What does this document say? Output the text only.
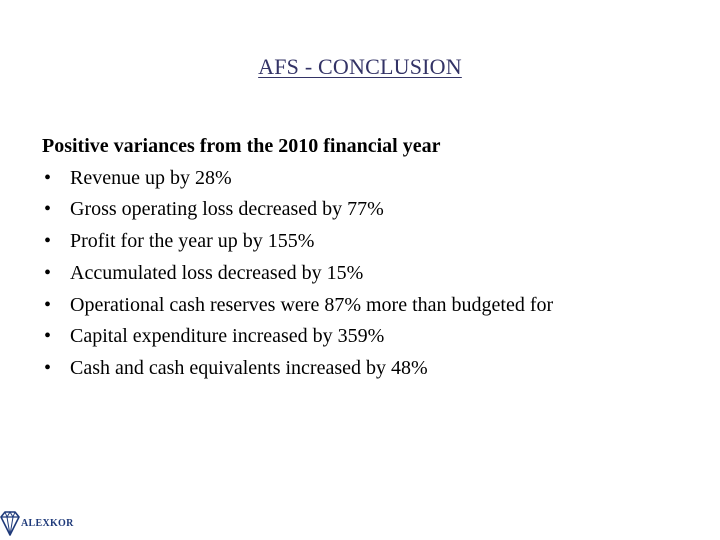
AFS - CONCLUSION
Positive variances from the 2010 financial year
• Revenue up by 28%
• Gross operating loss decreased by 77%
• Profit for the year up by 155%
• Accumulated loss decreased by 15%
• Operational cash reserves were 87% more than budgeted for
• Capital expenditure increased by 359%
• Cash and cash equivalents increased by 48%
ALEXKOR
